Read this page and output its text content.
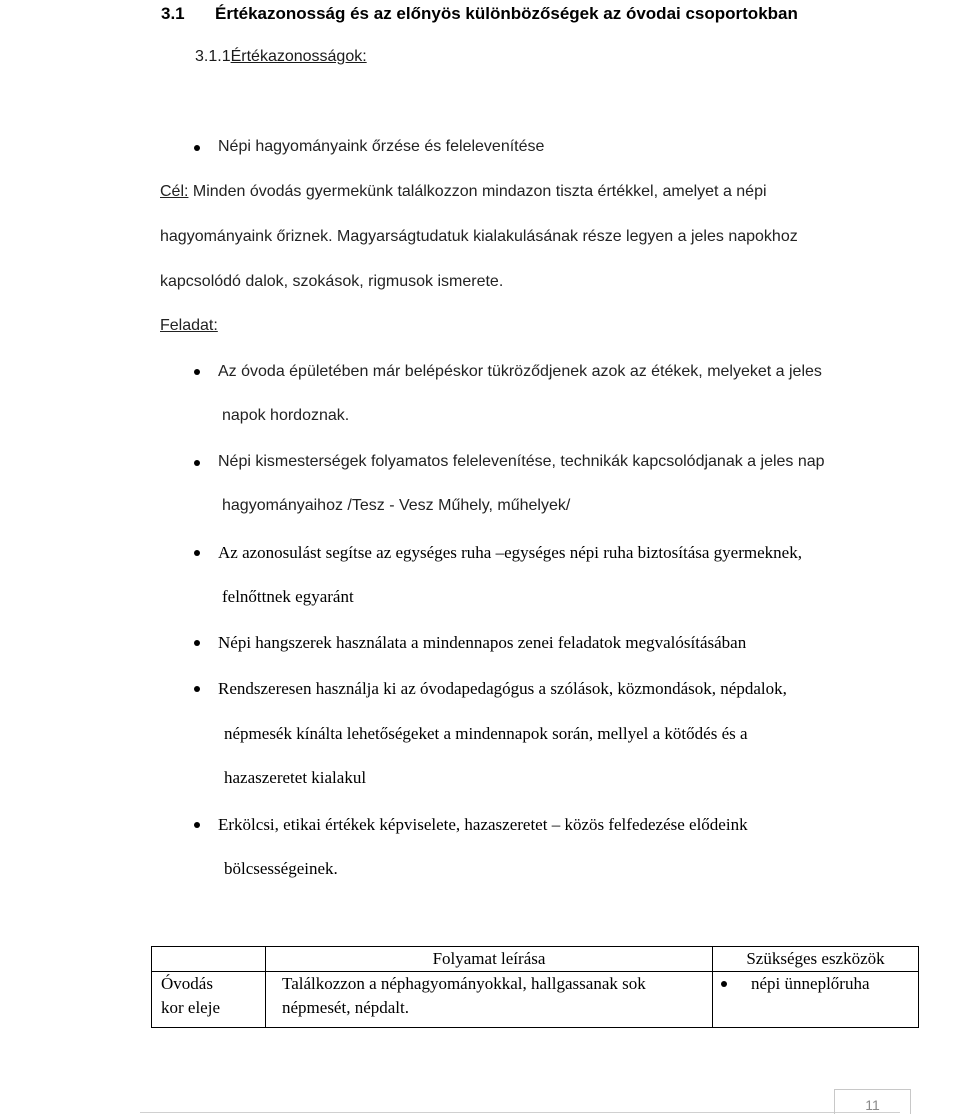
3.1 Értékazonosság és az előnyös különbözőségek az óvodai csoportokban
3.1.1Értékazonosságok:
Népi hagyományaink őrzése és felelevenítése
Cél: Minden óvodás gyermekünk találkozzon mindazon tiszta értékkel, amelyet a népi
hagyományaink őriznek. Magyarságtudatuk kialakulásának része legyen a jeles napokhoz
kapcsolódó dalok, szokások, rigmusok ismerete.
Feladat:
Az óvoda épületében már belépéskor tükröződjenek azok az étékek, melyeket a jeles
napok hordoznak.
Népi kismesterségek folyamatos felelevenítése, technikák kapcsolódjanak a jeles nap
hagyományaihoz /Tesz - Vesz Műhely, műhelyek/
Az azonosulást segítse az egységes ruha –egységes népi ruha biztosítása gyermeknek,
felnőttnek egyaránt
Népi hangszerek használata a mindennapos zenei feladatok megvalósításában
Rendszeresen használja ki az óvodapedagógus a szólások, közmondások, népdalok,
népmesék kínálta lehetőségeket a mindennapok során, mellyel a kötődés és a
hazaszeretet kialakul
Erkölcsi, etikai értékek képviselete, hazaszeretet – közös felfedezése elődeink
bölcsességeinek.
	Folyamat leírása	Szükséges eszközök

Óvodás
kor eleje	Találkozzon a néphagyományokkal, hallgassanak sok
népmesét, népdalt.	népi ünneplőruha
11
